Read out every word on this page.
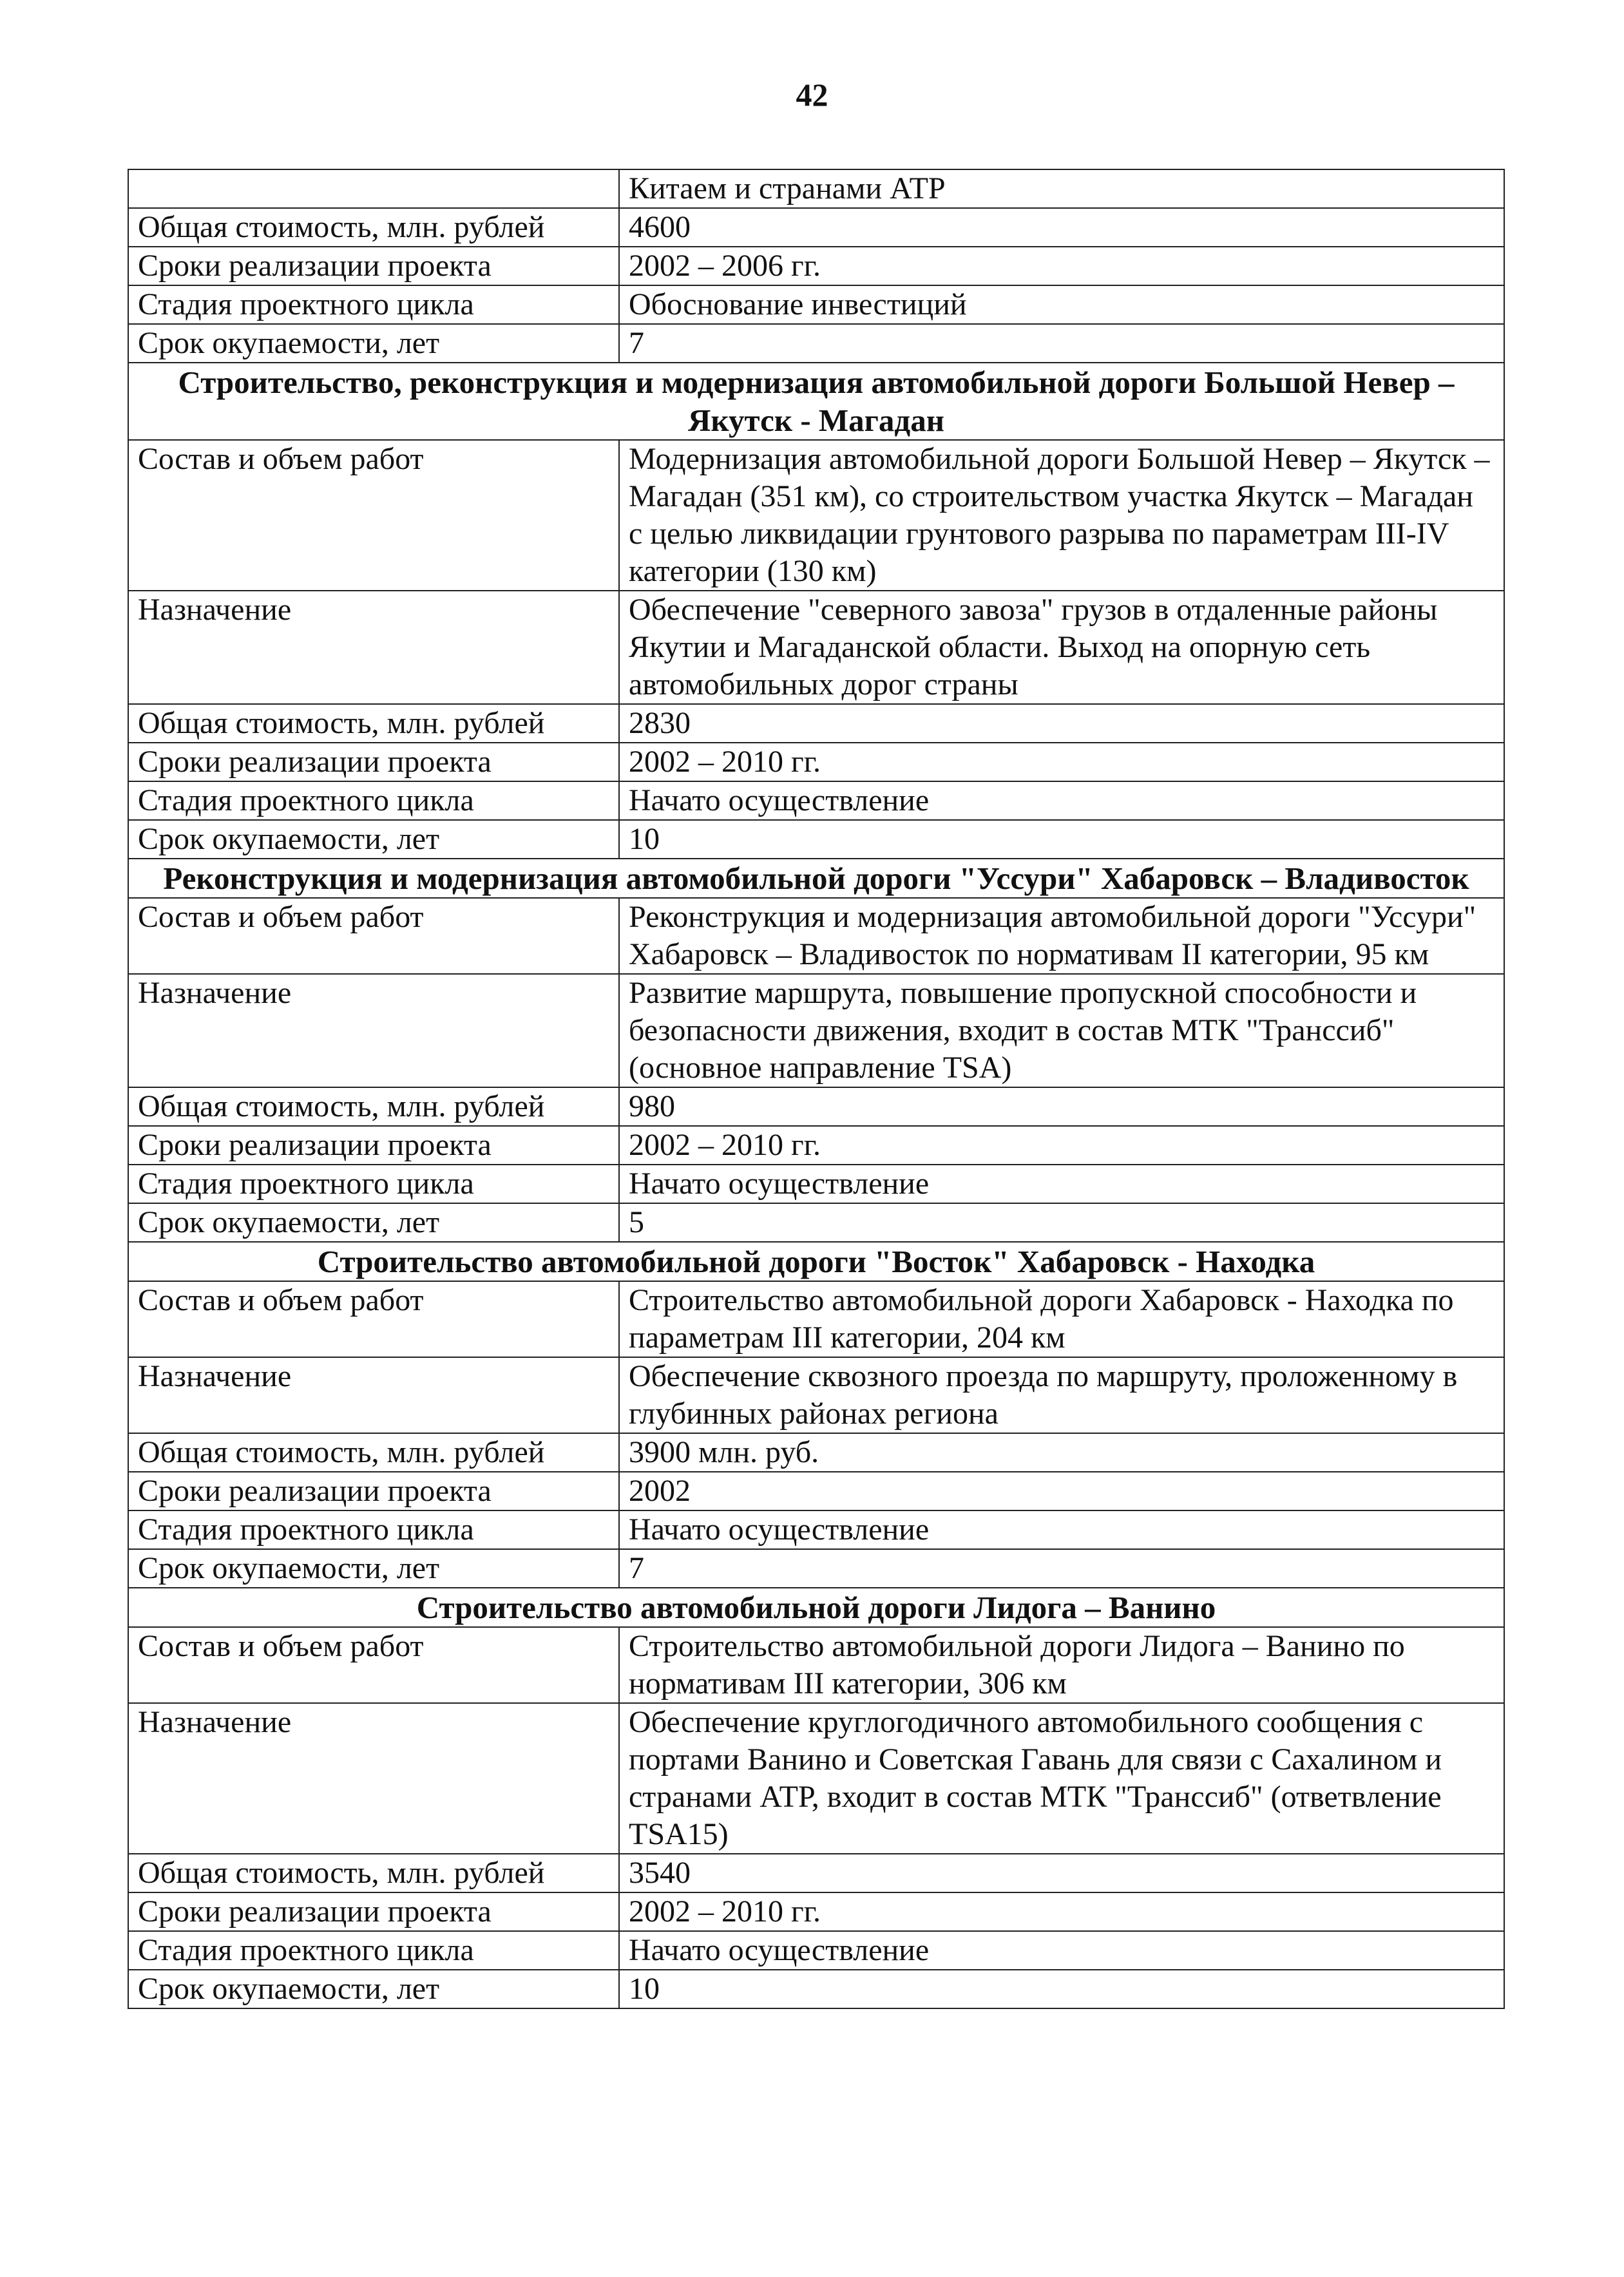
42
	Китаем и странами АТР
Общая стоимость, млн. рублей	4600
Сроки реализации проекта	2002 – 2006 гг.
Стадия проектного цикла	Обоснование инвестиций
Срок окупаемости, лет	7
Строительство, реконструкция и модернизация автомобильной дороги Большой Невер – Якутск - Магадан	
Состав и объем работ	Модернизация автомобильной дороги Большой Невер – Якутск – Магадан (351 км), со строительством участка Якутск – Магадан с целью ликвидации грунтового разрыва по параметрам III-IV категории (130 км)
Назначение	Обеспечение "северного завоза" грузов в отдаленные районы Якутии и Магаданской области. Выход на опорную сеть автомобильных дорог страны
Общая стоимость, млн. рублей	2830
Сроки реализации проекта	2002 – 2010 гг.
Стадия проектного цикла	Начато осуществление
Срок окупаемости, лет	10
Реконструкция и модернизация автомобильной дороги "Уссури" Хабаровск – Владивосток	
Состав и объем работ	Реконструкция и модернизация автомобильной дороги "Уссури" Хабаровск – Владивосток по нормативам II категории, 95 км
Назначение	Развитие маршрута, повышение пропускной способности и безопасности движения, входит в состав МТК "Транссиб" (основное направление TSA)
Общая стоимость, млн. рублей	980
Сроки реализации проекта	2002 – 2010 гг.
Стадия проектного цикла	Начато осуществление
Срок окупаемости, лет	5
Строительство автомобильной дороги "Восток" Хабаровск - Находка	
Состав и объем работ	Строительство автомобильной дороги Хабаровск - Находка по параметрам III категории, 204 км
Назначение	Обеспечение сквозного проезда по маршруту, проложенному в глубинных районах региона
Общая стоимость, млн. рублей	3900 млн. руб.
Сроки реализации проекта	2002
Стадия проектного цикла	Начато осуществление
Срок окупаемости, лет	7
Строительство автомобильной дороги Лидога – Ванино	
Состав и объем работ	Строительство автомобильной дороги Лидога – Ванино по нормативам III категории, 306 км
Назначение	Обеспечение круглогодичного автомобильного сообщения с портами Ванино и Советская Гавань для связи с Сахалином и странами АТР, входит в состав МТК "Транссиб" (ответвление TSA15)
Общая стоимость, млн. рублей	3540
Сроки реализации проекта	2002 – 2010 гг.
Стадия проектного цикла	Начато осуществление
Срок окупаемости, лет	10
